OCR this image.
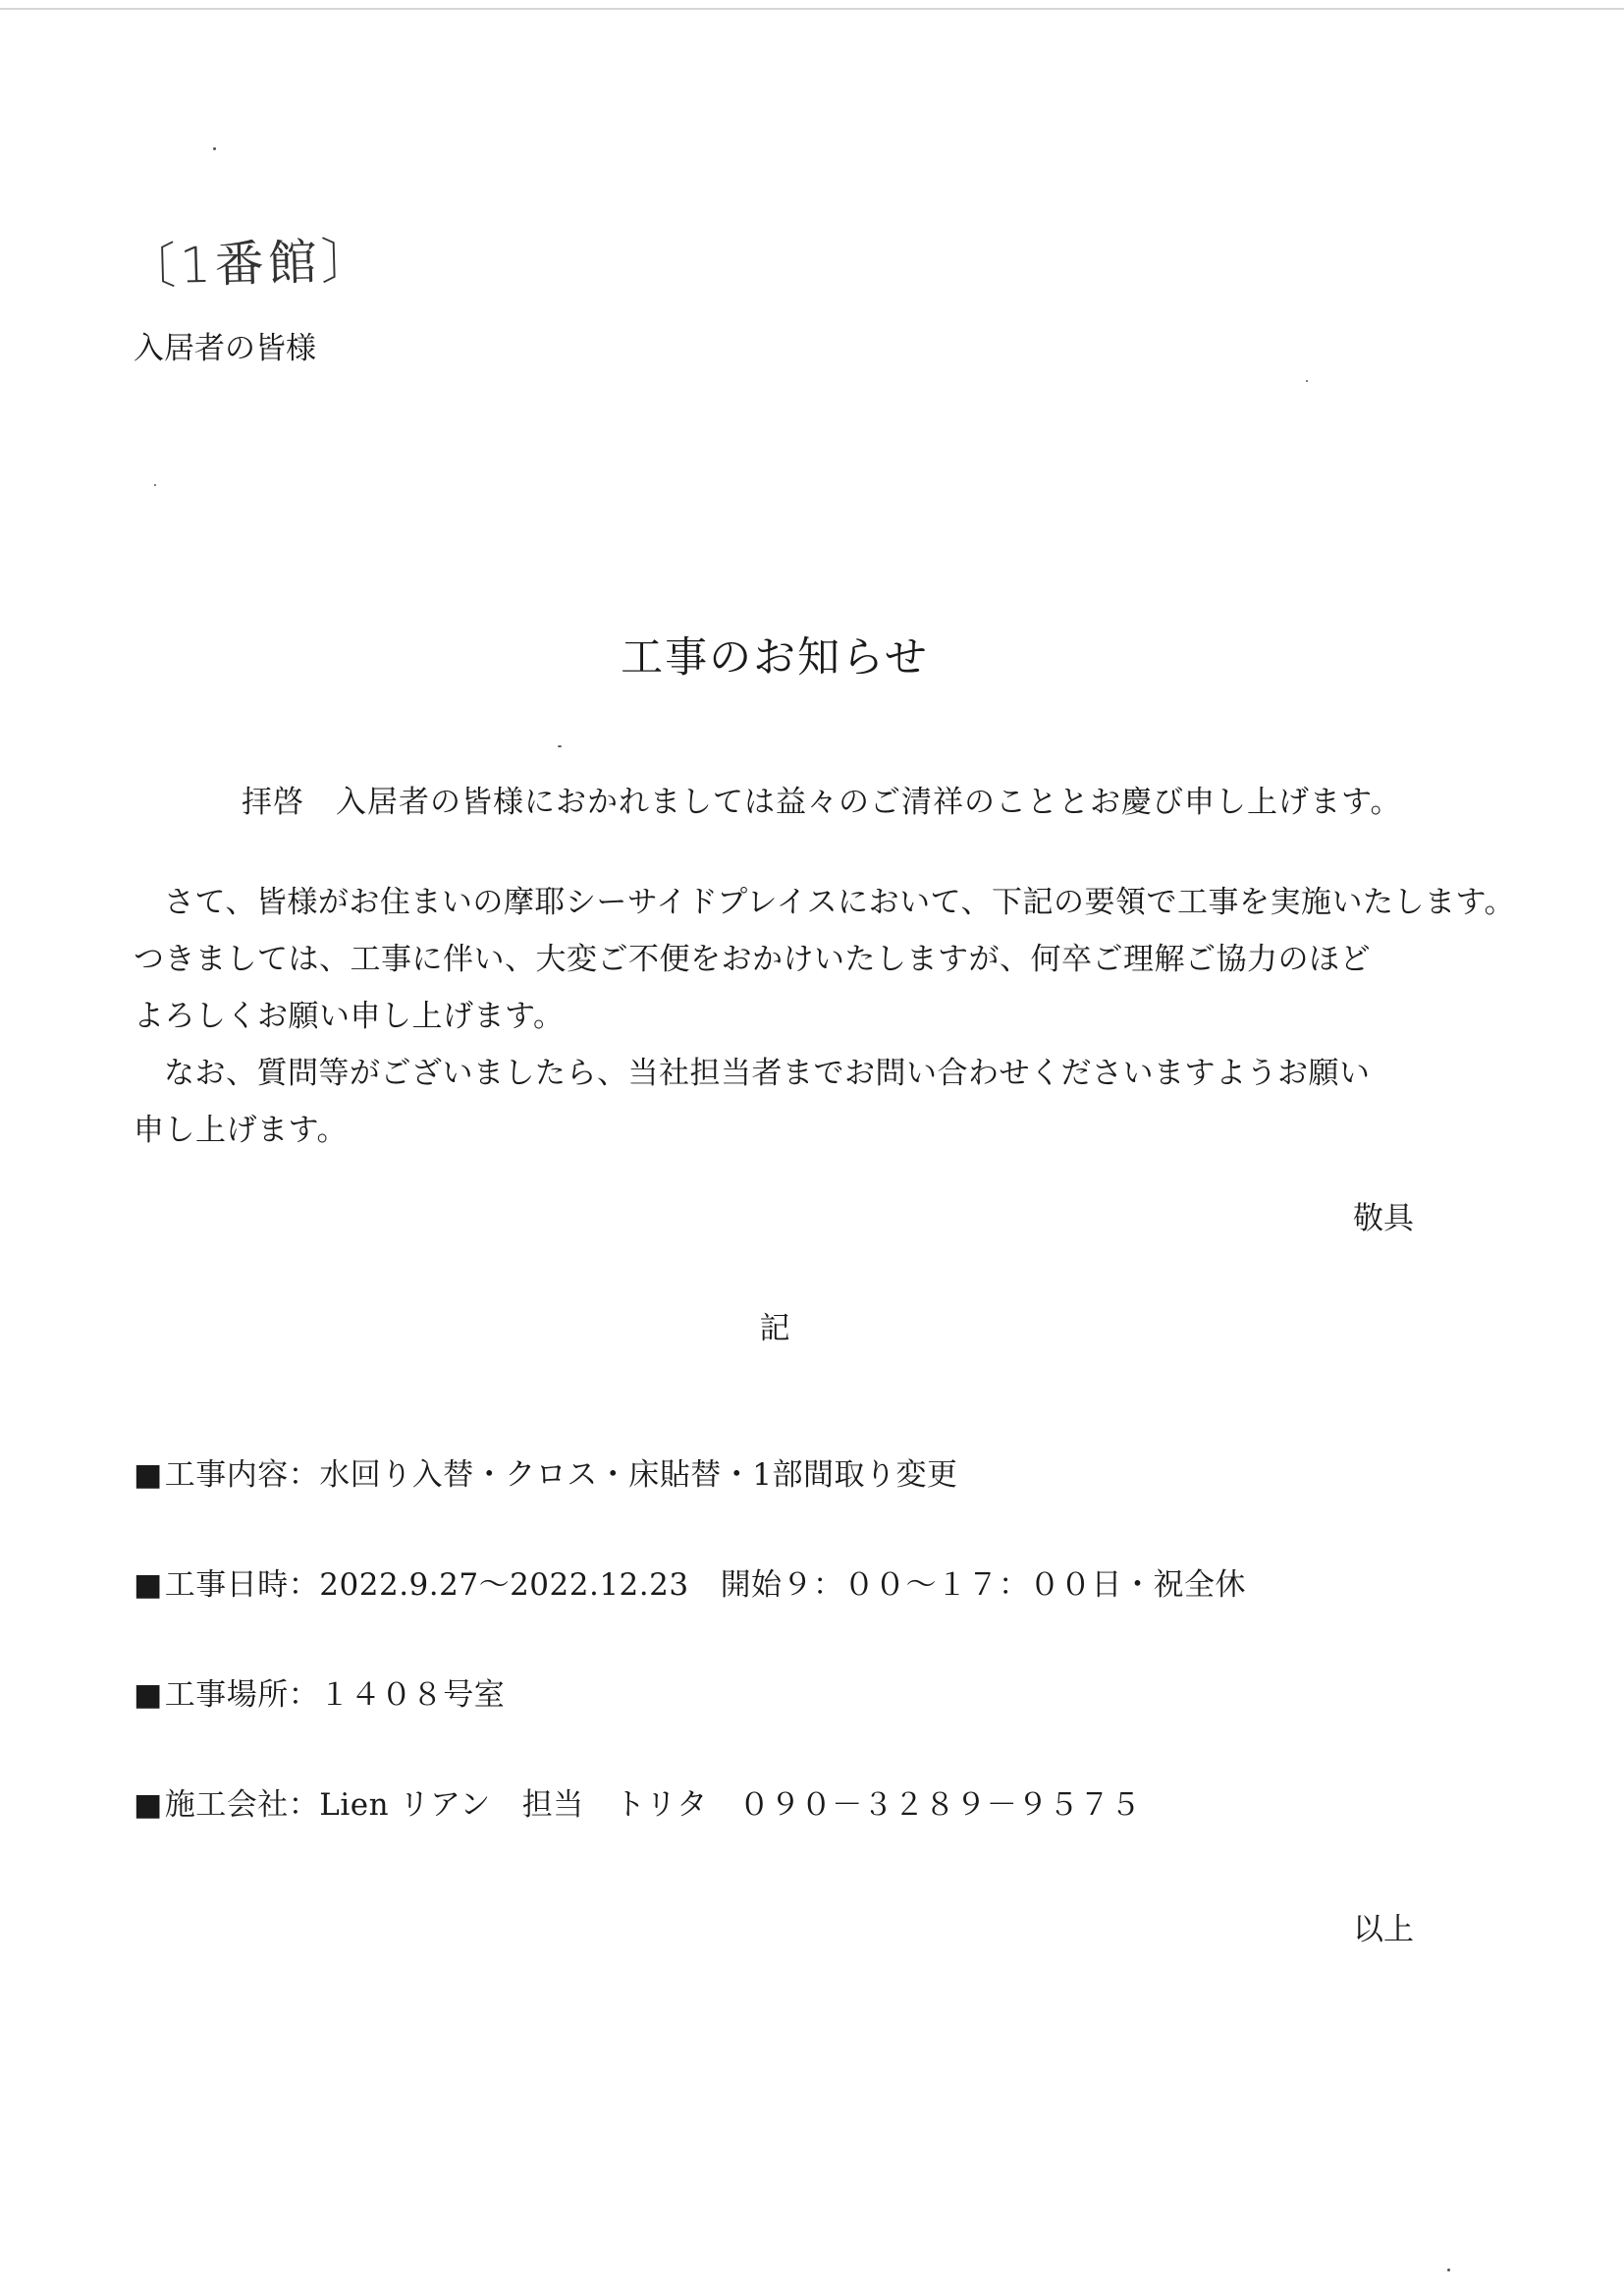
〔1番館〕
入居者の皆様
工事のお知らせ
拝啓　入居者の皆様におかれましては益々のご清祥のこととお慶び申し上げます。
さて、皆様がお住まいの摩耶シーサイドプレイスにおいて、下記の要領で工事を実施いたします。
つきましては、工事に伴い、大変ご不便をおかけいたしますが、何卒ご理解ご協力のほど
よろしくお願い申し上げます。
なお、質問等がございましたら、当社担当者までお問い合わせくださいますようお願い
申し上げます。
敬具
記
■工事内容：水回り入替・クロス・床貼替・1部間取り変更
■工事日時：2022.9.27～2022.12.23 開始９：００～１７：００日・祝全休
■工事場所：１４０８号室
■施工会社：Lien リアン 担当　トリタ ０９０－３２８９－９５７５
以上
